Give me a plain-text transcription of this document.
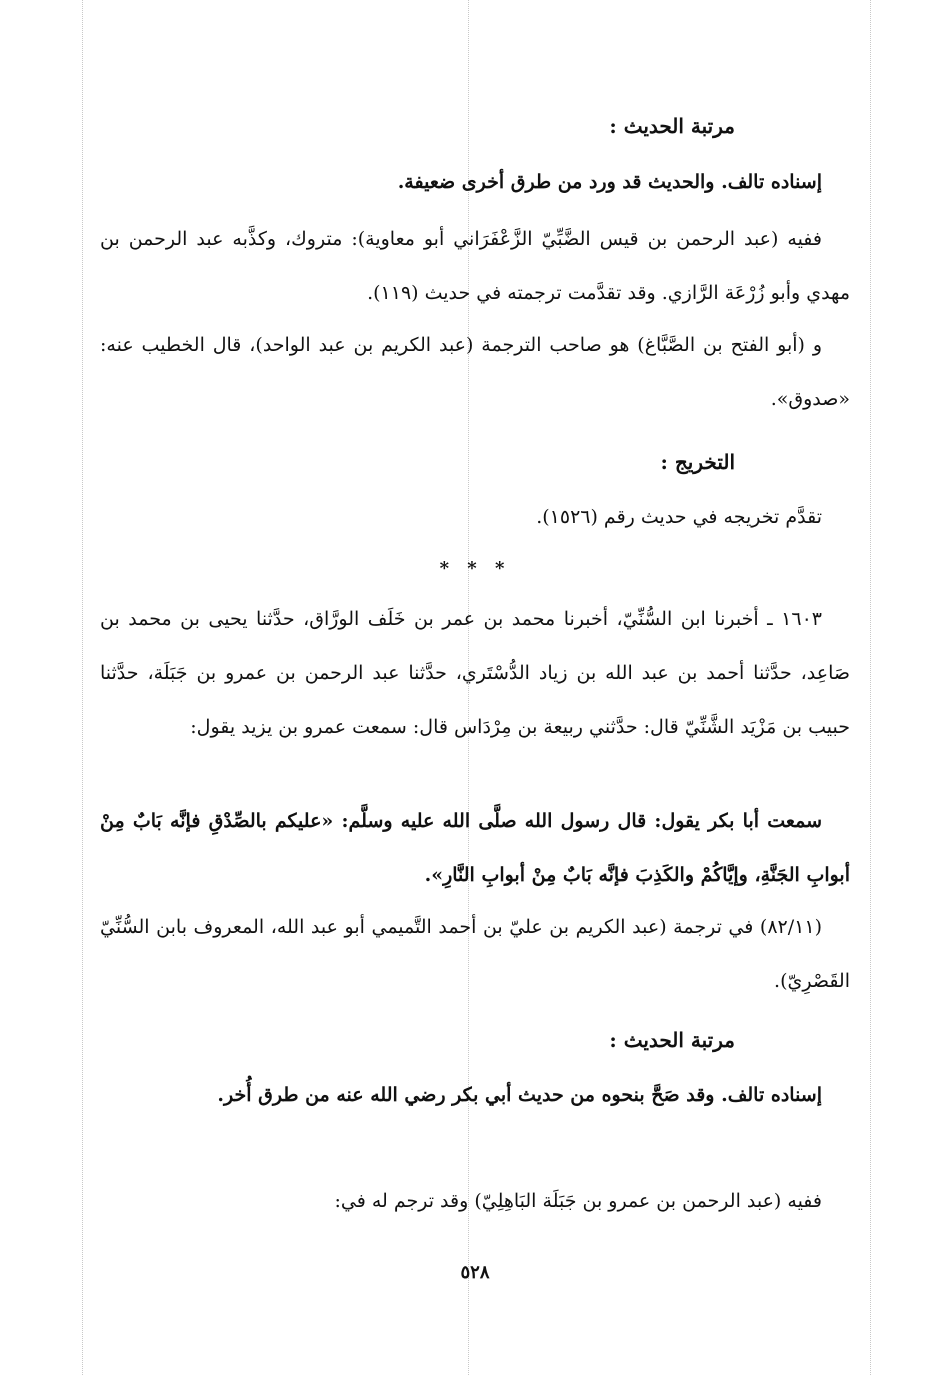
مرتبة الحديث :

إسناده تالف. والحديث قد ورد من طرق أخرى ضعيفة.

ففيه (عبد الرحمن بن قيس الضَّبِّيّ الزَّعْفَرَاني أبو معاوية): متروك، وكذَّبه عبد الرحمن بن مهدي وأبو زُرْعَة الرَّازي. وقد تقدَّمت ترجمته في حديث (١١٩).

و (أبو الفتح بن الصَّبَّاغ) هو صاحب الترجمة (عبد الكريم بن عبد الواحد)، قال الخطيب عنه: «صدوق».

التخريج :

تقدَّم تخريجه في حديث رقم (١٥٢٦).

* * *

١٦٠٣ ـ أخبرنا ابن السُّنِّيّ، أخبرنا محمد بن عمر بن خَلَف الورَّاق، حدَّثنا يحيى بن محمد بن صَاعِد، حدَّثنا أحمد بن عبد الله بن زياد الدُّسْتَري، حدَّثنا عبد الرحمن بن عمرو بن جَبَلَة، حدَّثنا حبيب بن مَزْيَد الشَّنِّيّ قال: حدَّثني ربيعة بن مِرْدَاس قال: سمعت عمرو بن يزيد يقول:

سمعت أبا بكر يقول: قال رسول الله صلَّى الله عليه وسلَّم: «عليكم بالصِّدْقِ فإنَّه بَابٌ مِنْ أبوابِ الجَنَّةِ، وإيَّاكُمْ والكَذِبَ فإنَّه بَابٌ مِنْ أبوابِ النَّارِ».

(٨٢/١١) في ترجمة (عبد الكريم بن عليّ بن أحمد التَّميمي أبو عبد الله، المعروف بابن السُّنِّيّ القَصْرِيّ).

مرتبة الحديث :

إسناده تالف. وقد صَحَّ بنحوه من حديث أبي بكر رضي الله عنه من طرق أُخر.

ففيه (عبد الرحمن بن عمرو بن جَبَلَة البَاهِلِيّ) وقد ترجم له في:

٥٢٨
